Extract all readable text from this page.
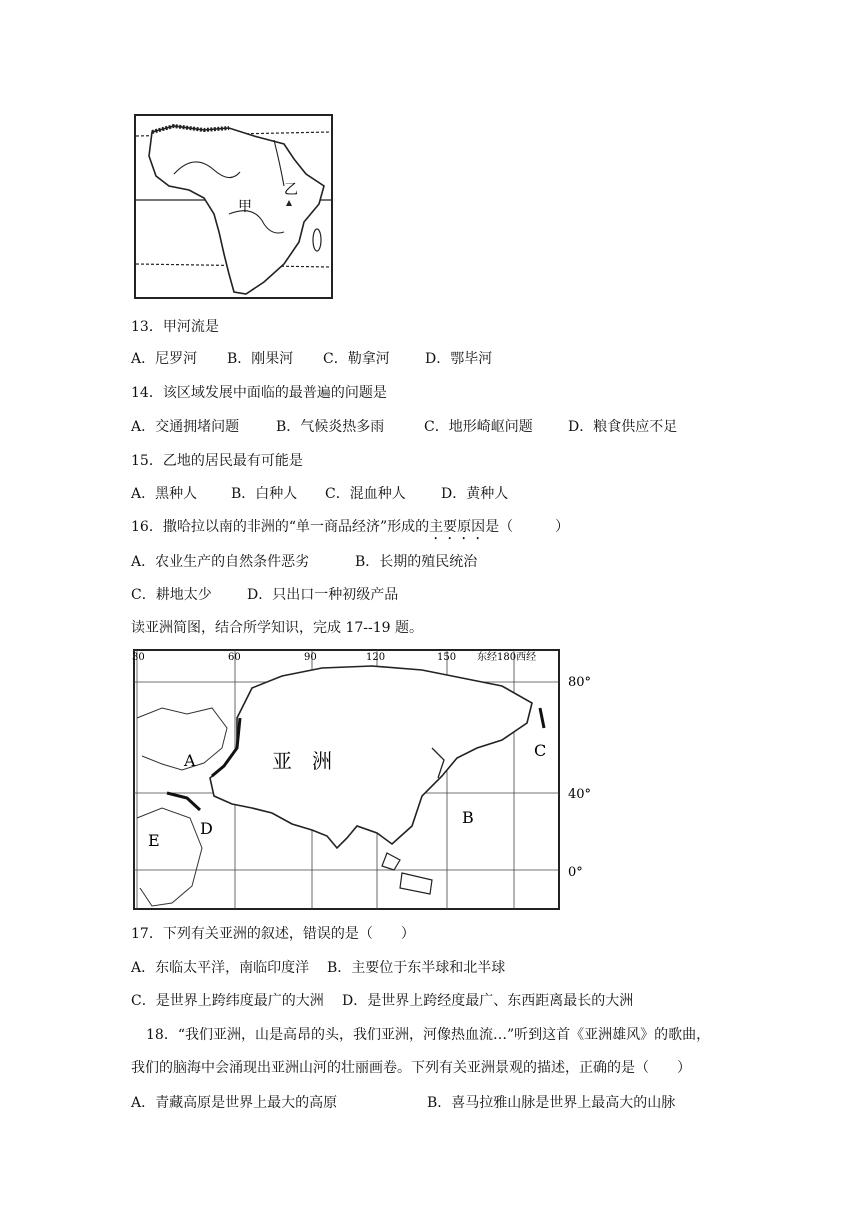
甲
乙
13．甲河流是
A．尼罗河 B．刚果河 C．勒拿河	D．鄂毕河
14．该区域发展中面临的最普遍的问题是
A．交通拥堵问题	B．气候炎热多雨	C．地形崎岖问题	D．粮食供应不足
15．乙地的居民最有可能是
A．黑种人 B．白种人 C．混血种人	D．黄种人
16．撒哈拉以南的非洲的“单一商品经济”形成的主要原因是（　　　）
A．农业生产的自然条件恶劣	B．长期的殖民统治
C．耕地太少	D．只出口一种初级产品
读亚洲简图，结合所学知识，完成 17--19 题。
30	60	90	120	150 东经180西经
80°
40°
0°
亚　洲
A
B
C
D
E
17．下列有关亚洲的叙述，错误的是（　　）
A．东临太平洋，南临印度洋 B．主要位于东半球和北半球
C．是世界上跨纬度最广的大洲 D．是世界上跨经度最广、东西距离最长的大洲
18．“我们亚洲，山是高昂的头，我们亚洲，河像热血流…”听到这首《亚洲雄风》的歌曲，
我们的脑海中会涌现出亚洲山河的壮丽画卷。下列有关亚洲景观的描述，正确的是（　　）
A．青藏高原是世界上最大的高原	B．喜马拉雅山脉是世界上最高大的山脉
